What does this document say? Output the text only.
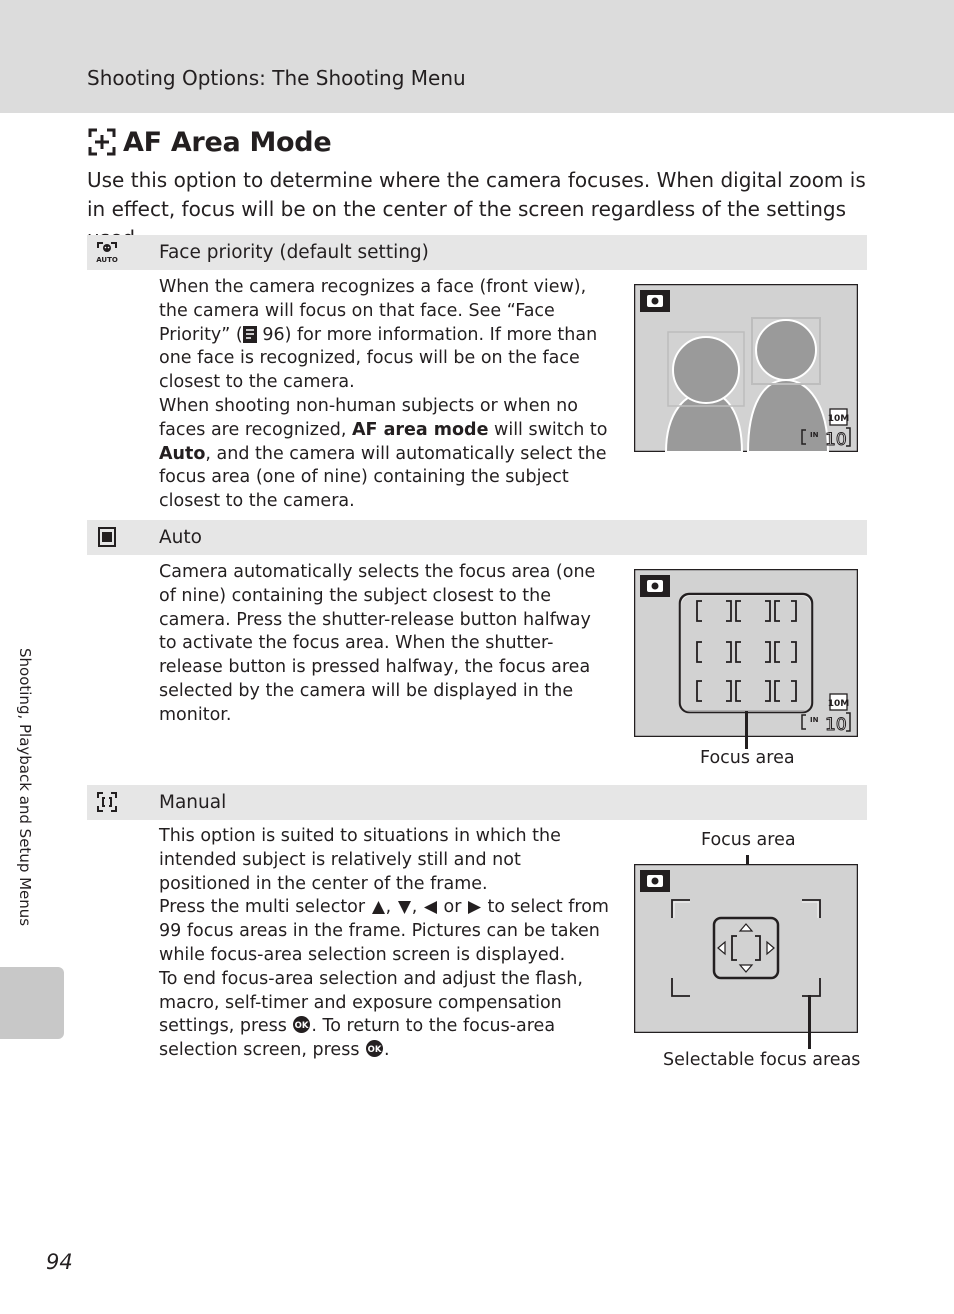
Shooting Options: The Shooting Menu
AF Area Mode
Use this option to determine where the camera focuses. When digital zoom is in effect, focus will be on the center of the screen regardless of the settings
AUTO Face priority (default setting)
When the camera recognizes a face (front view), the camera will focus on that face. See “Face Priority” ( 96) for more information. If more than one face is recognized, focus will be on the face closest to the camera.
When shooting non-human subjects or when no faces are recognized, AF area mode will switch to Auto, and the camera will automatically select the focus area (one of nine) containing the subject closest to the camera.
10M
IN 10
Auto
Camera automatically selects the focus area (one of nine) containing the subject closest to the camera. Press the shutter-release button halfway to activate the focus area. When the shutter-release button is pressed halfway, the focus area selected by the camera will be displayed in the monitor.
10M
IN 10
Focus area
Manual
This option is suited to situations in which the intended subject is relatively still and not positioned in the center of the frame.
Press the multi selector , ,  or  to select from 99 focus areas in the frame. Pictures can be taken while focus-area selection screen is displayed.
To end focus-area selection and adjust the flash, macro, self-timer and exposure compensation settings, press OK . To return to the focus-area selection screen, press OK .
Focus area
Selectable focus areas
Shooting, Playback and Setup Menus
94
